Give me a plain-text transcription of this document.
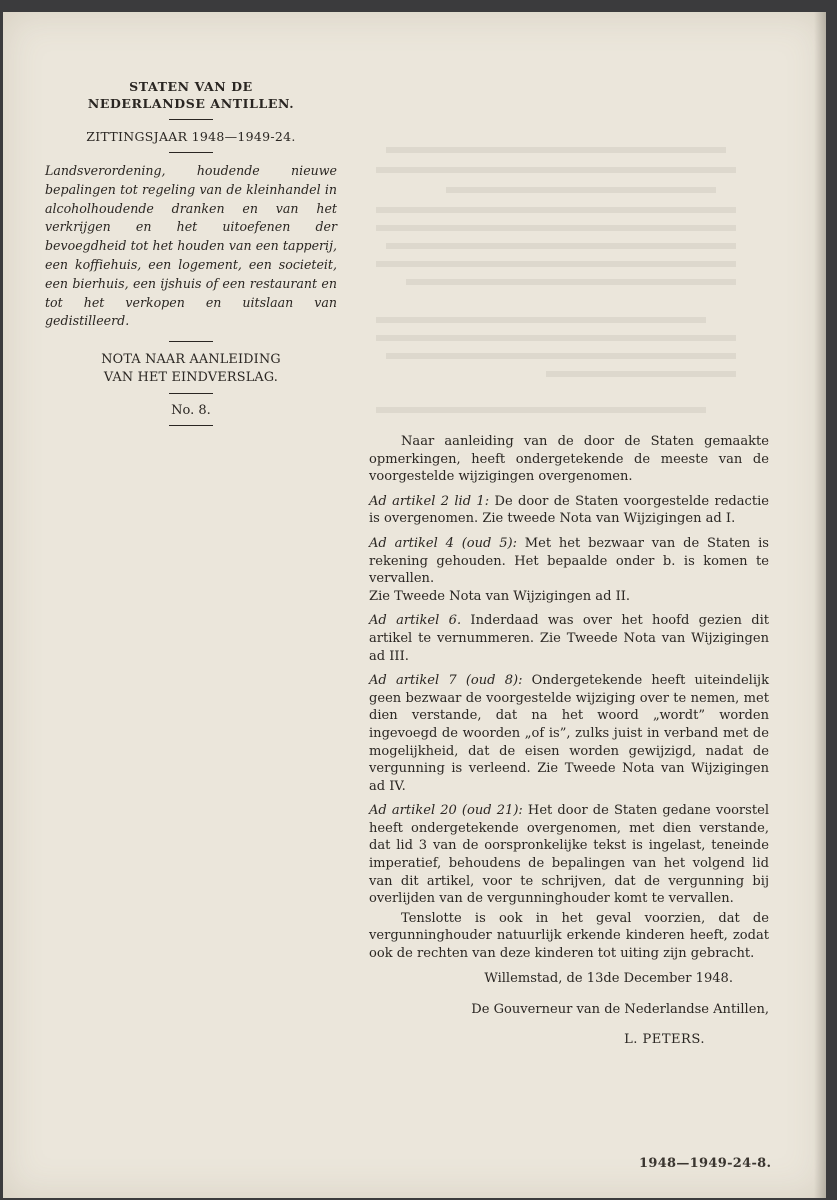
STATEN VAN DE
NEDERLANDSE ANTILLEN.
ZITTINGSJAAR 1948—1949-24.
Landsverordening, houdende nieuwe bepalingen tot regeling van de kleinhandel in alcoholhoudende dranken en van het verkrijgen en het uitoefenen der bevoegdheid tot het houden van een tapperij, een koffiehuis, een logement, een societeit, een bierhuis, een ijshuis of een restaurant en tot het verkopen en uitslaan van gedistilleerd.
NOTA NAAR AANLEIDING
VAN HET EINDVERSLAG.
No. 8.

Naar aanleiding van de door de Staten gemaakte opmerkingen, heeft ondergetekende de meeste van de voorgestelde wijzigingen overgenomen.

Ad artikel 2 lid 1: De door de Staten voorgestelde redactie is overgenomen. Zie tweede Nota van Wijzigingen ad I.

Ad artikel 4 (oud 5): Met het bezwaar van de Staten is rekening gehouden. Het bepaalde onder b. is komen te vervallen.

Zie Tweede Nota van Wijzigingen ad II.

Ad artikel 6. Inderdaad was over het hoofd gezien dit artikel te vernummeren. Zie Tweede Nota van Wijzigingen ad III.

Ad artikel 7 (oud 8): Ondergetekende heeft uiteindelijk geen bezwaar de voorgestelde wijziging over te nemen, met dien verstande, dat na het woord „wordt” worden ingevoegd de woorden „of is”, zulks juist in verband met de mogelijkheid, dat de eisen worden gewijzigd, nadat de vergunning is verleend. Zie Tweede Nota van Wijzigingen ad IV.

Ad artikel 20 (oud 21): Het door de Staten gedane voorstel heeft ondergetekende overgenomen, met dien verstande, dat lid 3 van de oorspronkelijke tekst is ingelast, teneinde imperatief, behoudens de bepalingen van het volgend lid van dit artikel, voor te schrijven, dat de vergunning bij overlijden van de vergunninghouder komt te vervallen.

Tenslotte is ook in het geval voorzien, dat de vergunninghouder natuurlijk erkende kinderen heeft, zodat ook de rechten van deze kinderen tot uiting zijn gebracht.

Willemstad, de 13de December 1948.
De Gouverneur van de Nederlandse Antillen,
L. PETERS.
1948—1949-24-8.
